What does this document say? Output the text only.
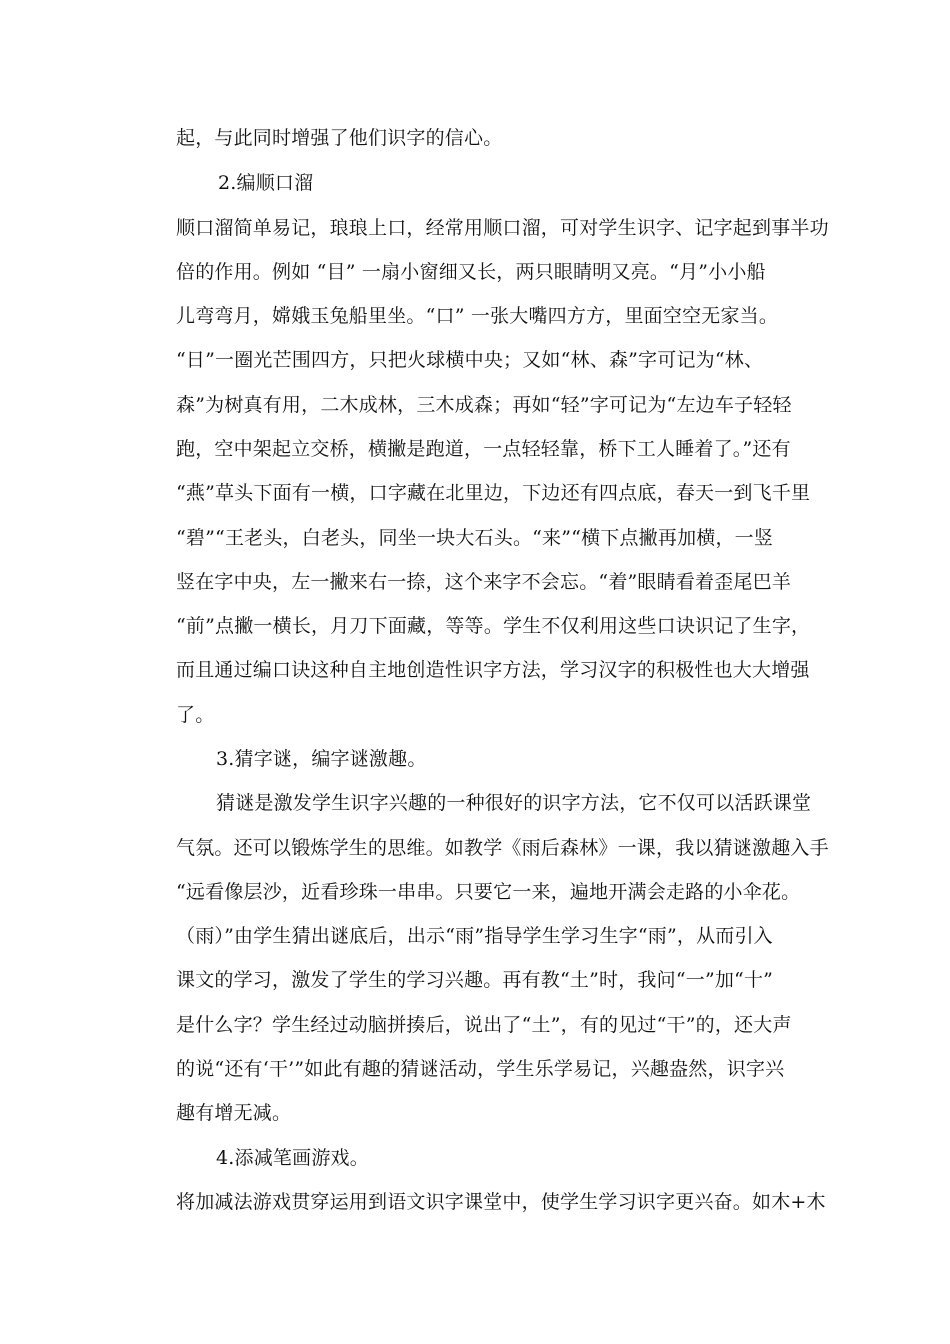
起，与此同时增强了他们识字的信心。
2.编顺口溜
顺口溜简单易记，琅琅上口，经常用顺口溜，可对学生识字、记字起到事半功
倍的作用。例如 “目” 一扇小窗细又长，两只眼睛明又亮。“月”小小船
儿弯弯月，嫦娥玉兔船里坐。“口” 一张大嘴四方方，里面空空无家当。
“日”一圈光芒围四方，只把火球横中央；又如“林、森”字可记为“林、
森”为树真有用，二木成林，三木成森；再如“轻”字可记为“左边车子轻轻
跑，空中架起立交桥，横撇是跑道，一点轻轻靠，桥下工人睡着了。”还有
“燕”草头下面有一横，口字藏在北里边，下边还有四点底，春天一到飞千里
“碧”“王老头，白老头，同坐一块大石头。“来”“横下点撇再加横，一竖
竖在字中央，左一撇来右一捺，这个来字不会忘。“着”眼睛看着歪尾巴羊
“前”点撇一横长，月刀下面藏，等等。学生不仅利用这些口诀识记了生字，
而且通过编口诀这种自主地创造性识字方法，学习汉字的积极性也大大增强
了。
3.猜字谜，编字谜激趣。
猜谜是激发学生识字兴趣的一种很好的识字方法，它不仅可以活跃课堂
气氛。还可以锻炼学生的思维。如教学《雨后森林》一课，我以猜谜激趣入手
“远看像层沙，近看珍珠一串串。只要它一来，遍地开满会走路的小伞花。
（雨）”由学生猜出谜底后，出示“雨”指导学生学习生字“雨”，从而引入
课文的学习，激发了学生的学习兴趣。再有教“土”时，我问“一”加“十”
是什么字？学生经过动脑拼揍后，说出了“土”，有的见过“干”的，还大声
的说“还有‘干’”如此有趣的猜谜活动，学生乐学易记，兴趣盎然，识字兴
趣有增无减。
4.添减笔画游戏。
将加减法游戏贯穿运用到语文识字课堂中，使学生学习识字更兴奋。如木+木
